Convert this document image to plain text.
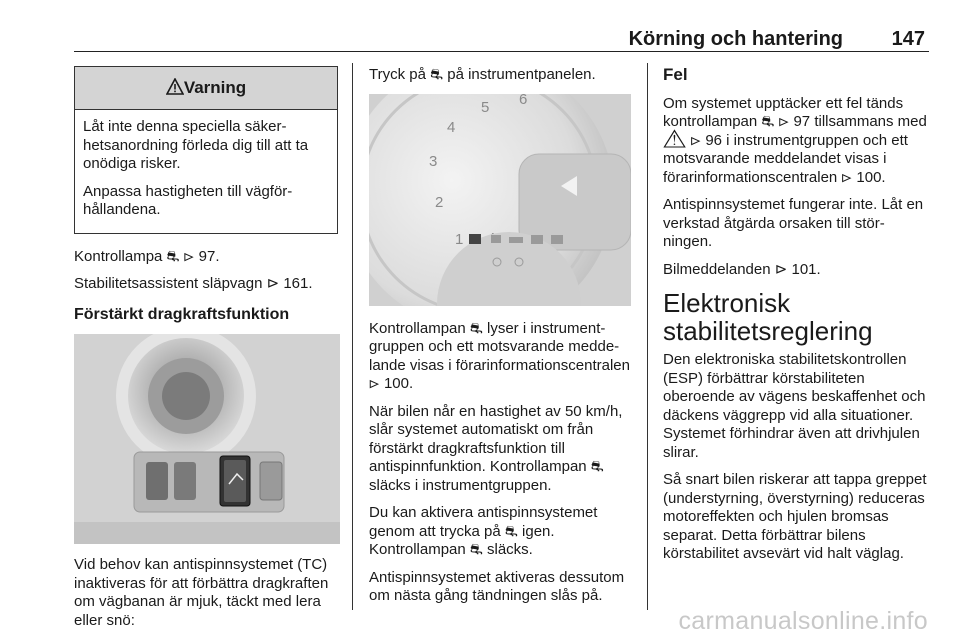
Körning och hantering 147
Varning

Låt inte denna speciella säkerhetsanordning förleda dig till att ta onödiga risker.

Anpassa hastigheten till vägförhållandena.

Kontrollampa ⛐ ⊳ 97.

Stabilitetsassistent släpvagn ⊳ 161.

Förstärkt dragkraftsfunktion

Vid behov kan antispinnsystemet (TC) inaktiveras för att förbättra dragkraften om vägbanan är mjuk, täckt med lera eller snö:

Tryck på ⛐ på instrumentpanelen.

1
2
3
4
5 6

Kontrollampan ⛐ lyser i instrumentgruppen och ett motsvarande meddelande visas i förarinformationscentralen ⊳ 100.

När bilen når en hastighet av 50 km/h, slår systemet automatiskt om från förstärkt dragkraftsfunktion till antispinnfunktion. Kontrollampan ⛐ släcks i instrumentgruppen.

Du kan aktivera antispinnsystemet genom att trycka på ⛐ igen. Kontrollampan ⛐ släcks.

Antispinnsystemet aktiveras dessutom om nästa gång tändningen slås på.

Fel

Om systemet upptäcker ett fel tänds kontrollampan ⛐ ⊳ 97 tillsammans med ⚠ ⊳ 96 i instrumentgruppen och ett motsvarande meddelandet visas i förarinformationscentralen ⊳ 100.

Antispinnsystemet fungerar inte. Låt en verkstad åtgärda orsaken till störningen.

Bilmeddelanden ⊳ 101.

Elektronisk stabilitetsreglering

Den elektroniska stabilitetskontrollen (ESP) förbättrar körstabiliteten oberoende av vägens beskaffenhet och däckens väggrepp vid alla situationer. Systemet förhindrar även att drivhjulen slirar.

Så snart bilen riskerar att tappa greppet (understyrning, överstyrning) reduceras motoreffekten och hjulen bromsas separat. Detta förbättrar bilens körstabilitet avsevärt vid halt väglag.

carmanualsonline.info
